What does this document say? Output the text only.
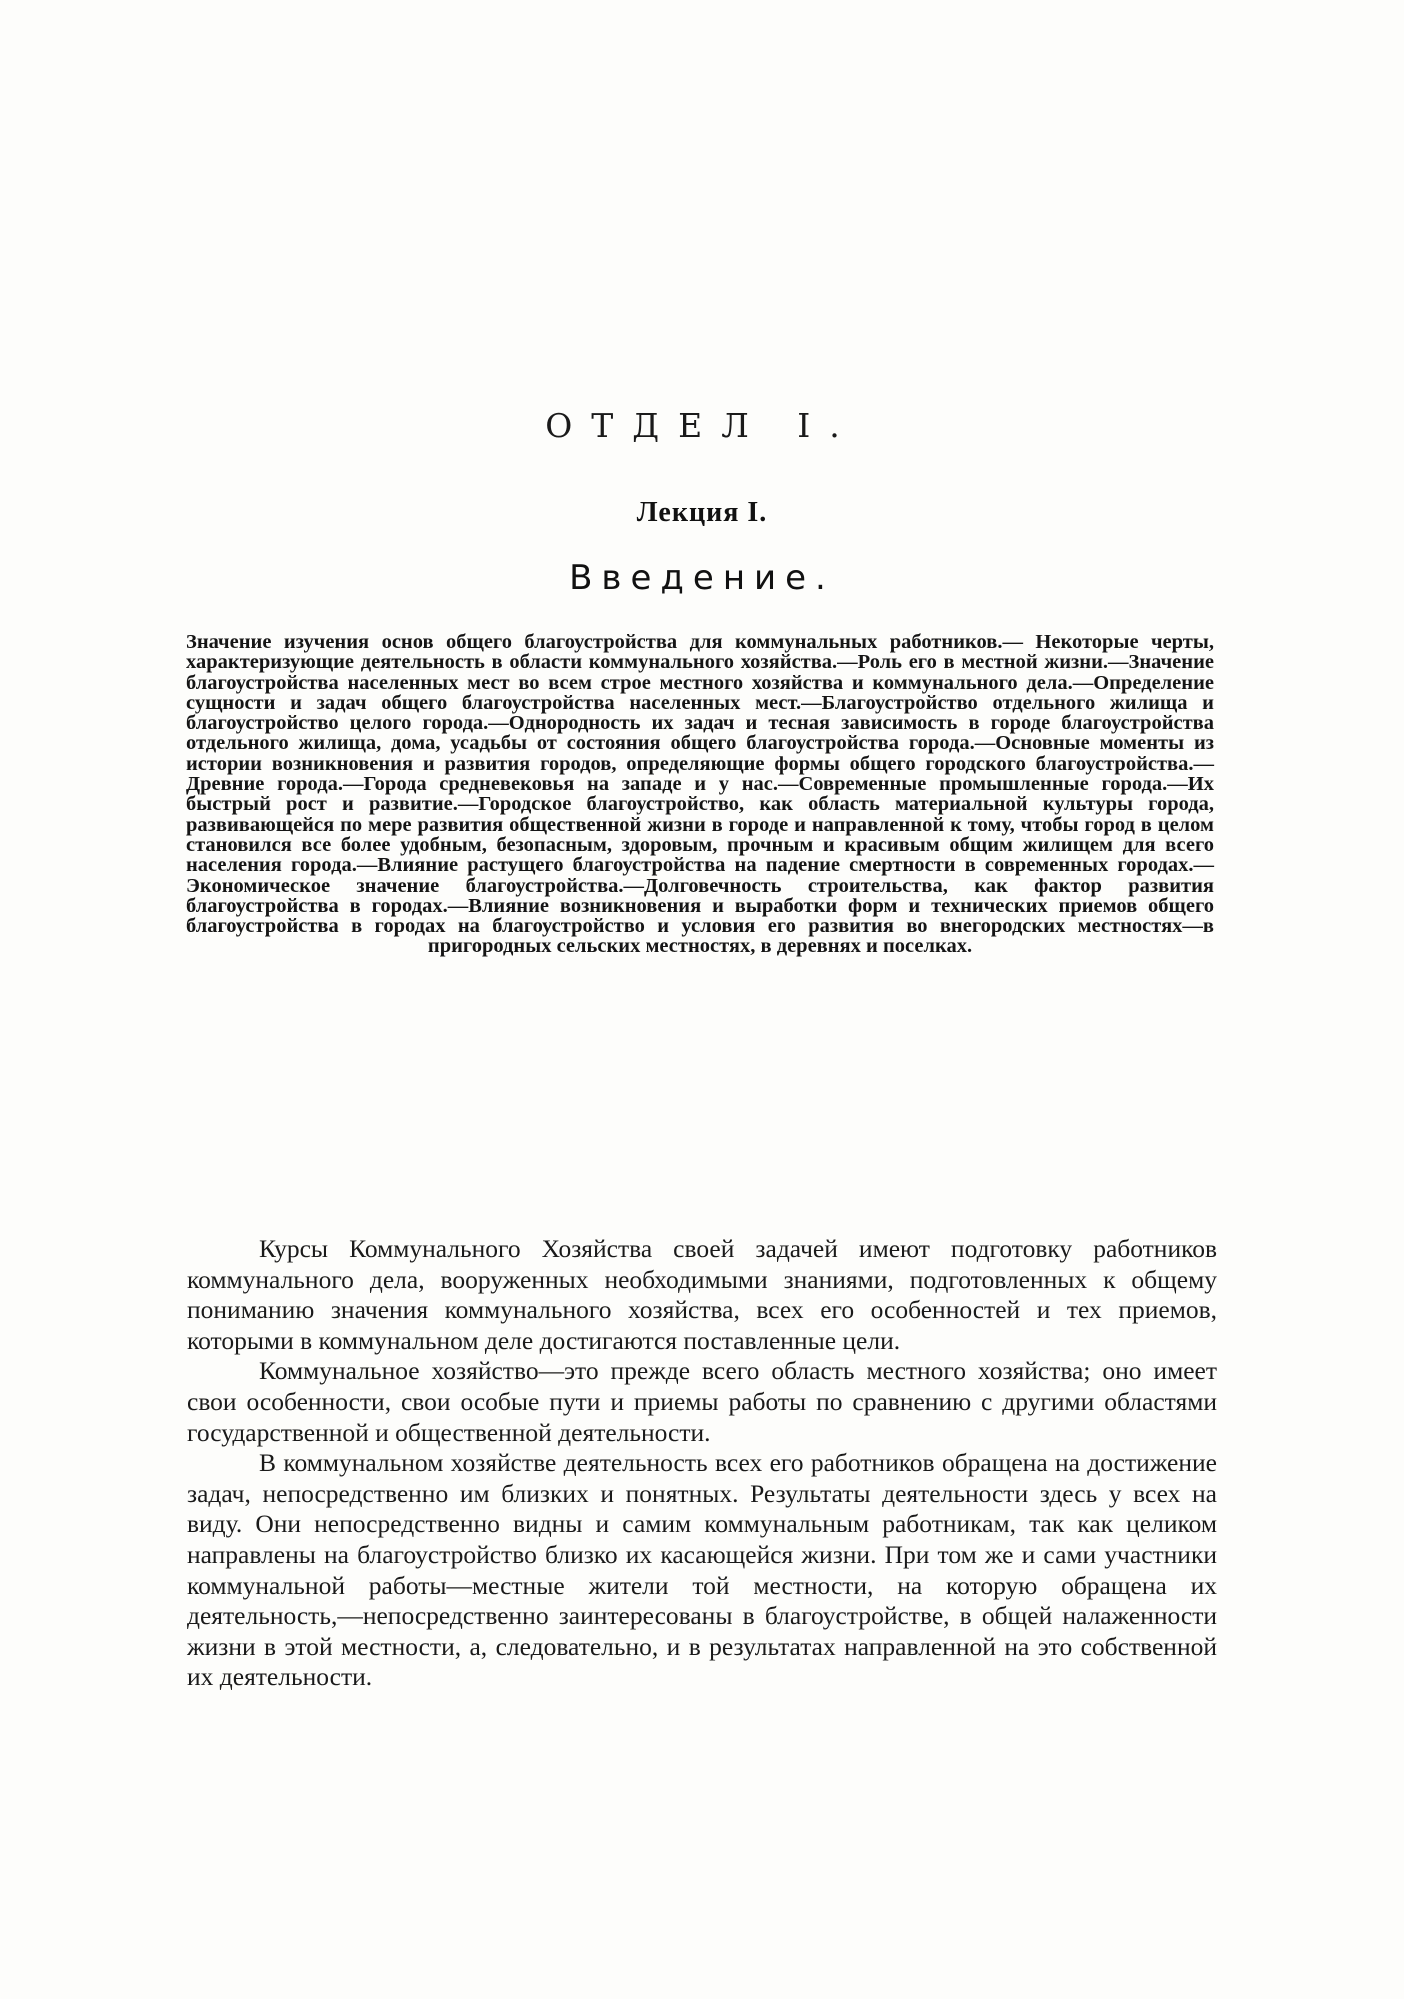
ОТДЕЛ I.
Лекция I.
Введение.
Значение изучения основ общего благоустройства для коммунальных работников.— Некоторые черты, характеризующие деятельность в области коммунального хозяйства.—Роль его в местной жизни.—Значение благоустройства населенных мест во всем строе местного хозяйства и коммунального дела.—Определение сущности и задач общего благоустройства населенных мест.—Благоустройство отдельного жилища и благоустройство целого города.—Однородность их задач и тесная зависимость в городе благоустройства отдельного жилища, дома, усадьбы от состояния общего благоустройства города.—Основные моменты из истории возникновения и развития городов, определяющие формы общего городского благоустройства.— Древние города.—Города средневековья на западе и у нас.—Современные промышленные города.—Их быстрый рост и развитие.—Городское благоустройство, как область материальной культуры города, развивающейся по мере развития общественной жизни в городе и направленной к тому, чтобы город в целом становился все более удобным, безопасным, здоровым, прочным и красивым общим жилищем для всего населения города.—Влияние растущего благоустройства на падение смертности в современных городах.—Экономическое значение благоустройства.—Долговечность строительства, как фактор развития благоустройства в городах.—Влияние возникновения и выработки форм и технических приемов общего благоустройства в городах на благоустройство и условия его развития во внегородских местностях—в пригородных сельских местностях, в деревнях и поселках.

Курсы Коммунального Хозяйства своей задачей имеют подготовку работников коммунального дела, вооруженных необходимыми знаниями, подготовленных к общему пониманию значения коммунального хозяйства, всех его особенностей и тех приемов, которыми в коммунальном деле достигаются поставленные цели.

Коммунальное хозяйство—это прежде всего область местного хозяйства; оно имеет свои особенности, свои особые пути и приемы работы по сравнению с другими областями государственной и общественной деятельности.

В коммунальном хозяйстве деятельность всех его работников обращена на достижение задач, непосредственно им близких и понятных. Результаты деятельности здесь у всех на виду. Они непосредственно видны и самим коммунальным работникам, так как целиком направлены на благоустройство близко их касающейся жизни. При том же и сами участники коммунальной работы—местные жители той местности, на которую обращена их деятельность,—непосредственно заинтересованы в благоустройстве, в общей налаженности жизни в этой местности, а, следовательно, и в результатах направленной на это собственной их деятельности.
